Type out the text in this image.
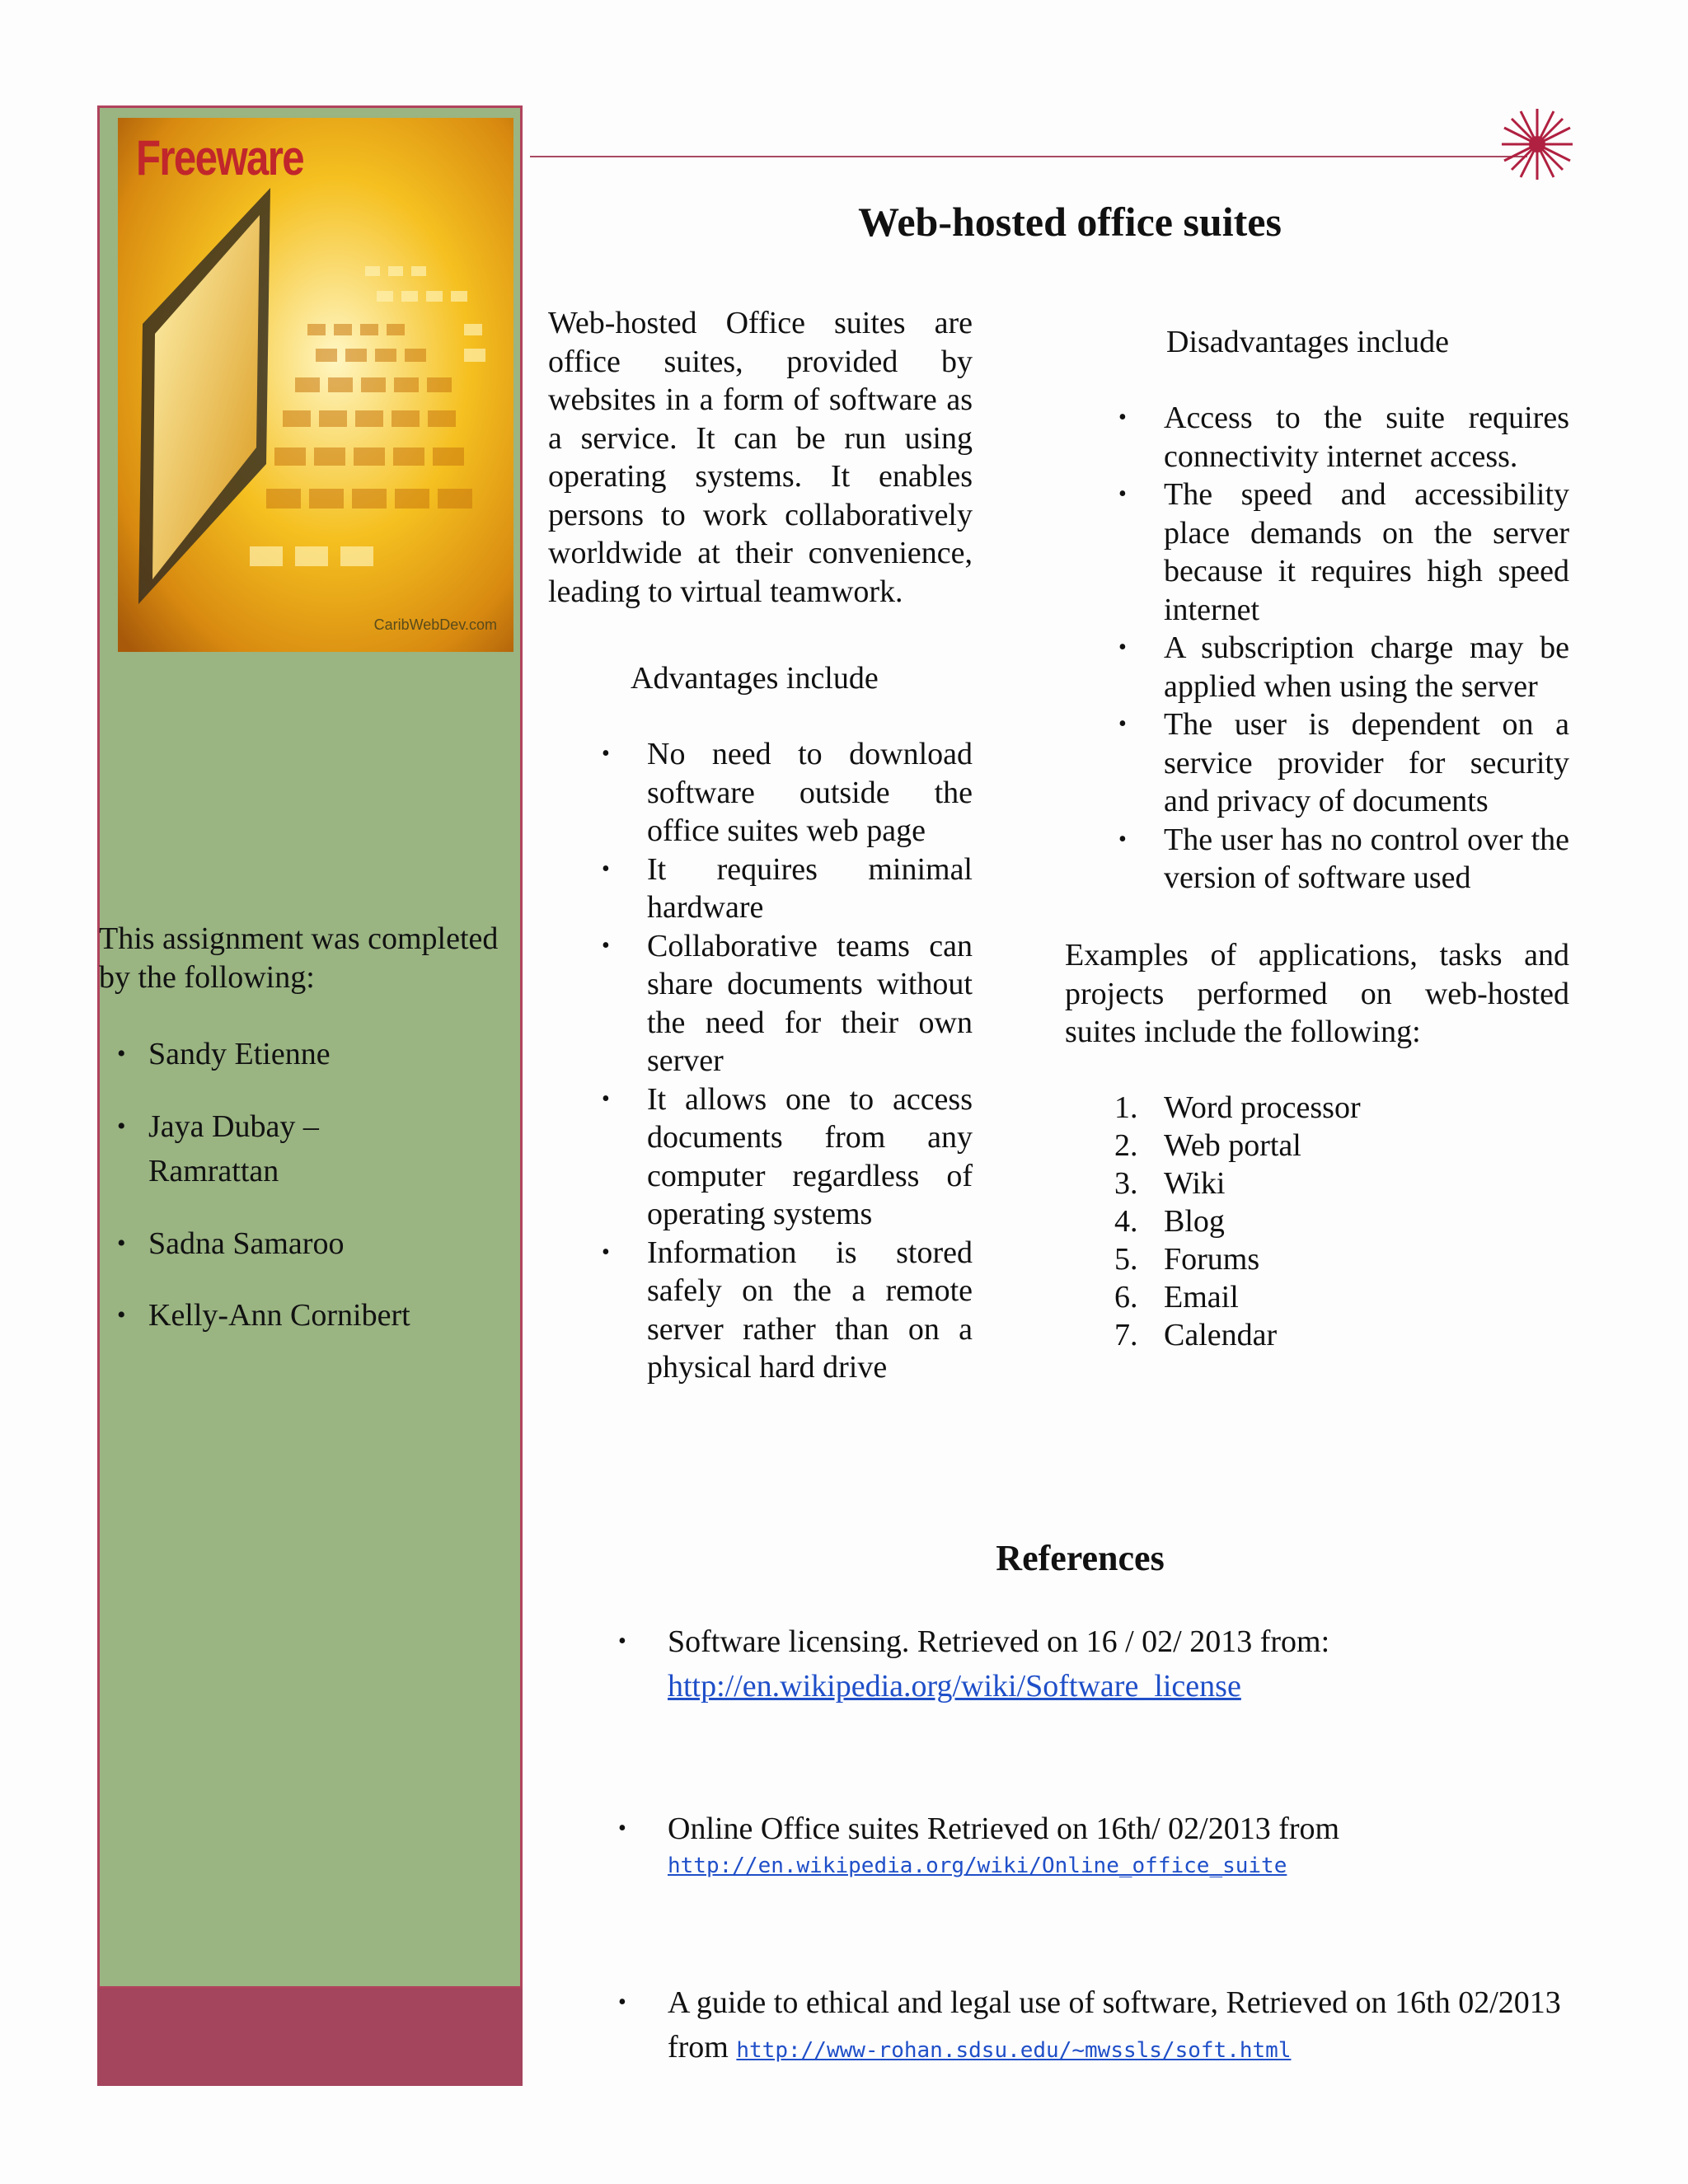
Freeware
CaribWebDev.com
This assignment was completed by the following:
• Sandy Etienne
• Jaya Dubay – Ramrattan
• Sadna Samaroo
• Kelly-Ann Cornibert
Web-hosted office suites
Web-hosted Office suites are office suites, provided by websites in a form of software as a service. It can be run using operating systems. It enables persons to work collaboratively worldwide at their convenience, leading to virtual teamwork.
Advantages include
• No need to download software outside the office suites web page
• It requires minimal hardware
• Collaborative teams can share documents without the need for their own server
• It allows one to access documents from any computer regardless of operating systems
• Information is stored safely on the a remote server rather than on a physical hard drive
Disadvantages include
• Access to the suite requires connectivity internet access.
• The speed and accessibility place demands on the server because it requires high speed internet
• A subscription charge may be applied when using the server
• The user is dependent on a service provider for security and privacy of documents
• The user has no control over the version of software used
Examples of applications, tasks and projects performed on web-hosted suites include the following:
1. Word processor
2. Web portal
3. Wiki
4. Blog
5. Forums
6. Email
7. Calendar
References
• Software licensing. Retrieved on 16 / 02/ 2013 from:
http://en.wikipedia.org/wiki/Software_license
• Online Office suites Retrieved on 16th/ 02/2013 from
http://en.wikipedia.org/wiki/Online_office_suite
• A guide to ethical and legal use of software, Retrieved on 16th 02/2013 from http://www-rohan.sdsu.edu/~mwssls/soft.html
